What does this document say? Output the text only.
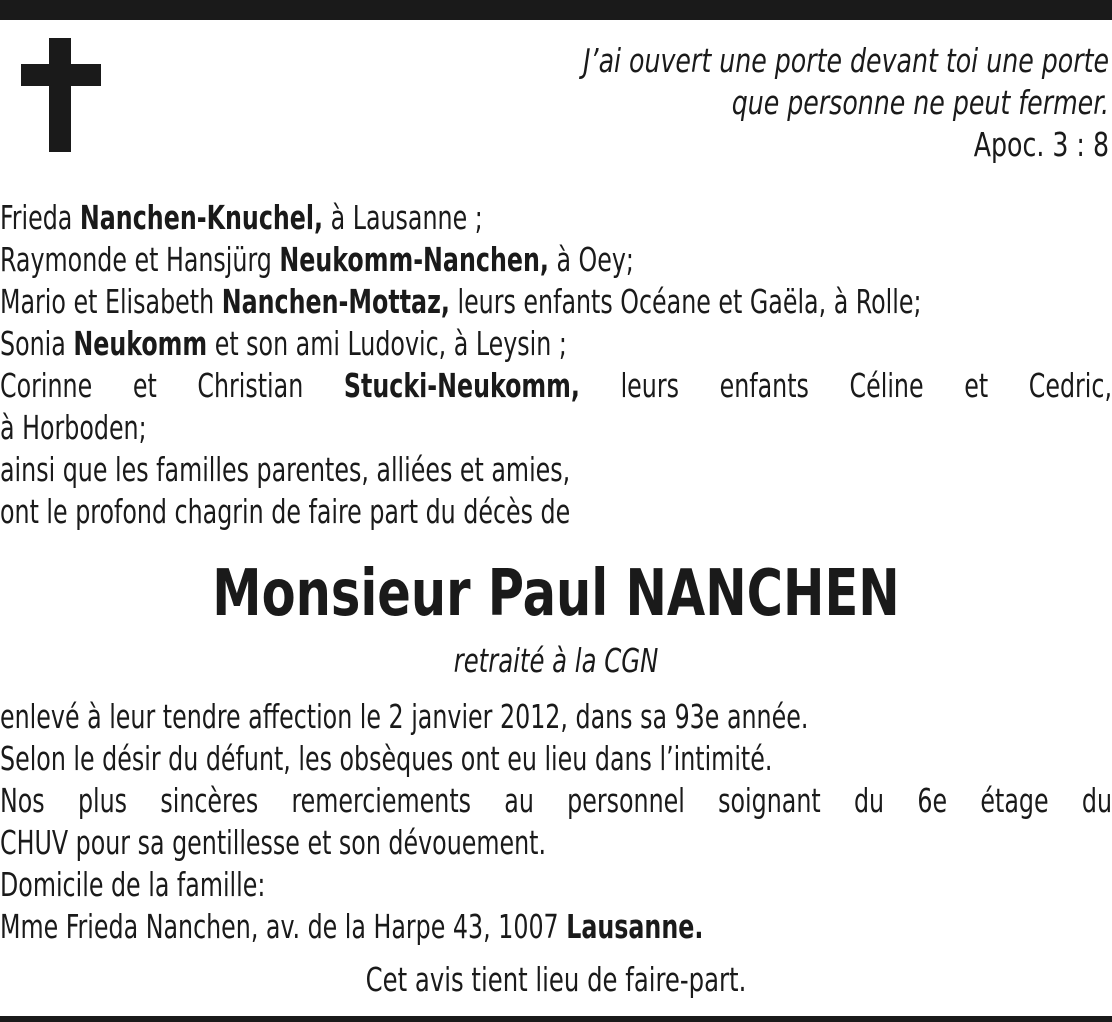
J’ai ouvert une porte devant toi une porte
que personne ne peut fermer.
Apoc. 3 : 8
Frieda Nanchen-Knuchel, à Lausanne ;
Raymonde et Hansjürg Neukomm-Nanchen, à Oey;
Mario et Elisabeth Nanchen-Mottaz, leurs enfants Océane et Gaëla, à Rolle;
Sonia Neukomm et son ami Ludovic, à Leysin ;
Corinne et Christian Stucki-Neukomm, leurs enfants Céline et Cedric,
à Horboden;
ainsi que les familles parentes, alliées et amies,
ont le profond chagrin de faire part du décès de
Monsieur Paul NANCHEN
retraité à la CGN
enlevé à leur tendre affection le 2 janvier 2012, dans sa 93e année.
Selon le désir du défunt, les obsèques ont eu lieu dans l’intimité.
Nos plus sincères remerciements au personnel soignant du 6e étage du
CHUV pour sa gentillesse et son dévouement.
Domicile de la famille:
Mme Frieda Nanchen, av. de la Harpe 43, 1007 Lausanne.
Cet avis tient lieu de faire-part.
